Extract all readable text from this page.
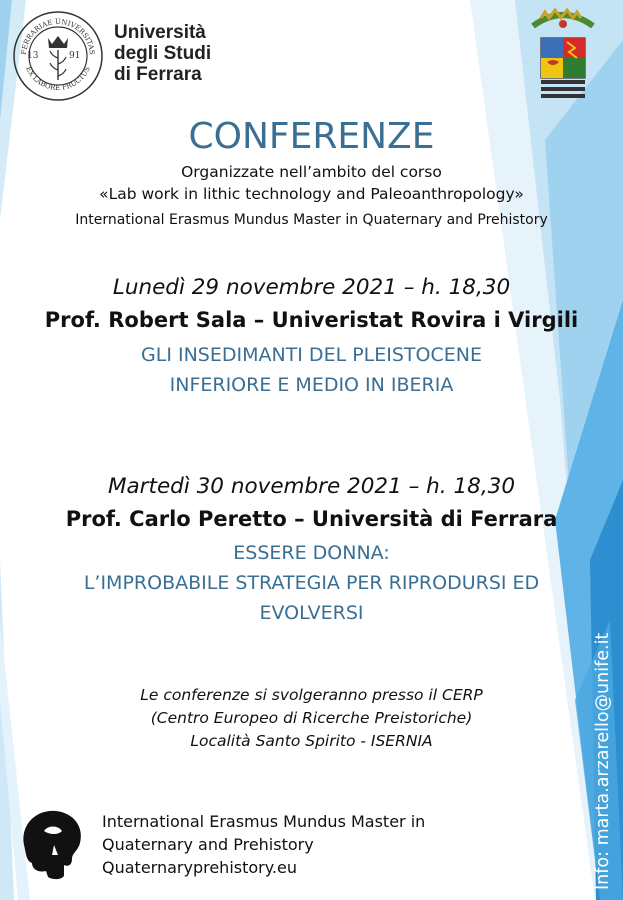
FERRARIAE UNIVERSITAS
EX LABORE FRUCTUS
13	91
Università
degli Studi
di Ferrara
CONFERENZE
Organizzate nell’ambito del corso
«Lab work in lithic technology and Paleoanthropology»
International Erasmus Mundus Master in Quaternary and Prehistory
Lunedì 29 novembre 2021 – h. 18,30
Prof. Robert Sala – Univeristat Rovira i Virgili
GLI INSEDIMANTI DEL PLEISTOCENE
INFERIORE E MEDIO IN IBERIA
Martedì 30 novembre 2021 – h. 18,30
Prof. Carlo Peretto – Università di Ferrara
ESSERE DONNA:
L’IMPROBABILE STRATEGIA PER RIPRODURSI ED
EVOLVERSI
Le conferenze si svolgeranno presso il CERP
(Centro Europeo di Ricerche Preistoriche)
Località Santo Spirito - ISERNIA
International Erasmus Mundus Master in
Quaternary and Prehistory
Quaternaryprehistory.eu	Info: marta.arzarello@unife.it
